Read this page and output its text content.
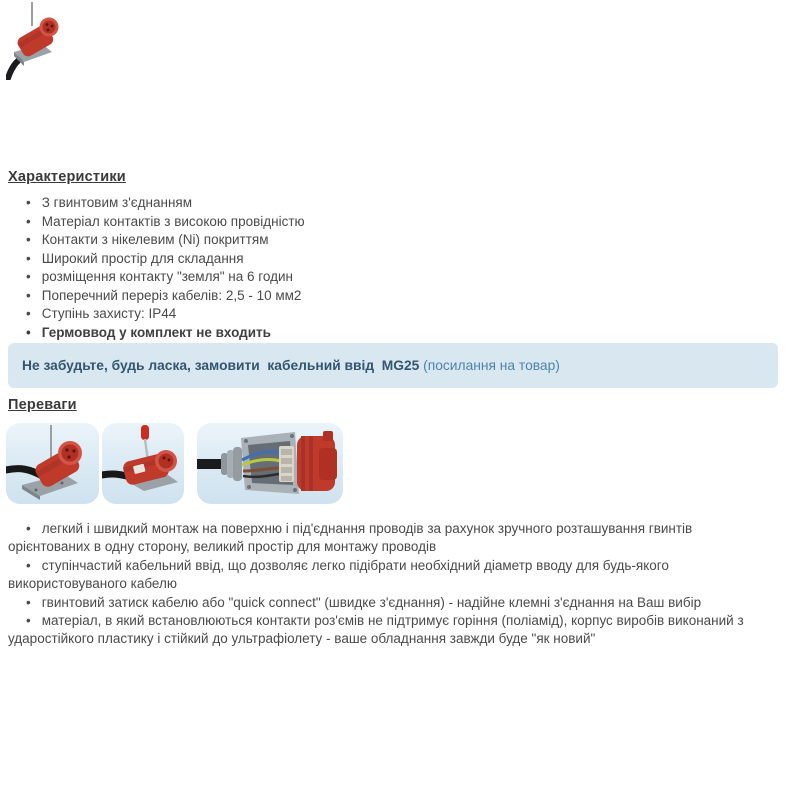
Характеристики
• З гвинтовим з'єднанням
• Матеріал контактів з високою провідністю
• Контакти з нікелевим (Ni) покриттям
• Широкий простір для складання
• розміщення контакту "земля" на 6 годин
• Поперечний переріз кабелів: 2,5 - 10 мм2
• Ступінь захисту: IP44
• Гермоввод у комплект не входить
Не забудьте, будь ласка, замовити  кабельний ввід  MG25 (посилання на товар)
Переваги
• легкий і швидкий монтаж на поверхню і під'єднання проводів за рахунок зручного розташування гвинтів орієнтованих в одну сторону, великий простір для монтажу проводів
• ступінчастий кабельний ввід, що дозволяє легко підібрати необхідний діаметр вводу для будь-якого використовуваного кабелю
• гвинтовий затиск кабелю або "quick connect" (швидке з'єднання) - надійне клемні з'єднання на Ваш вибір
• матеріал, в який встановлюються контакти роз'ємів не підтримує горіння (поліамід), корпус виробів виконаний з ударостійкого пластику і стійкий до ультрафіолету - ваше обладнання завжди буде "як новий"
